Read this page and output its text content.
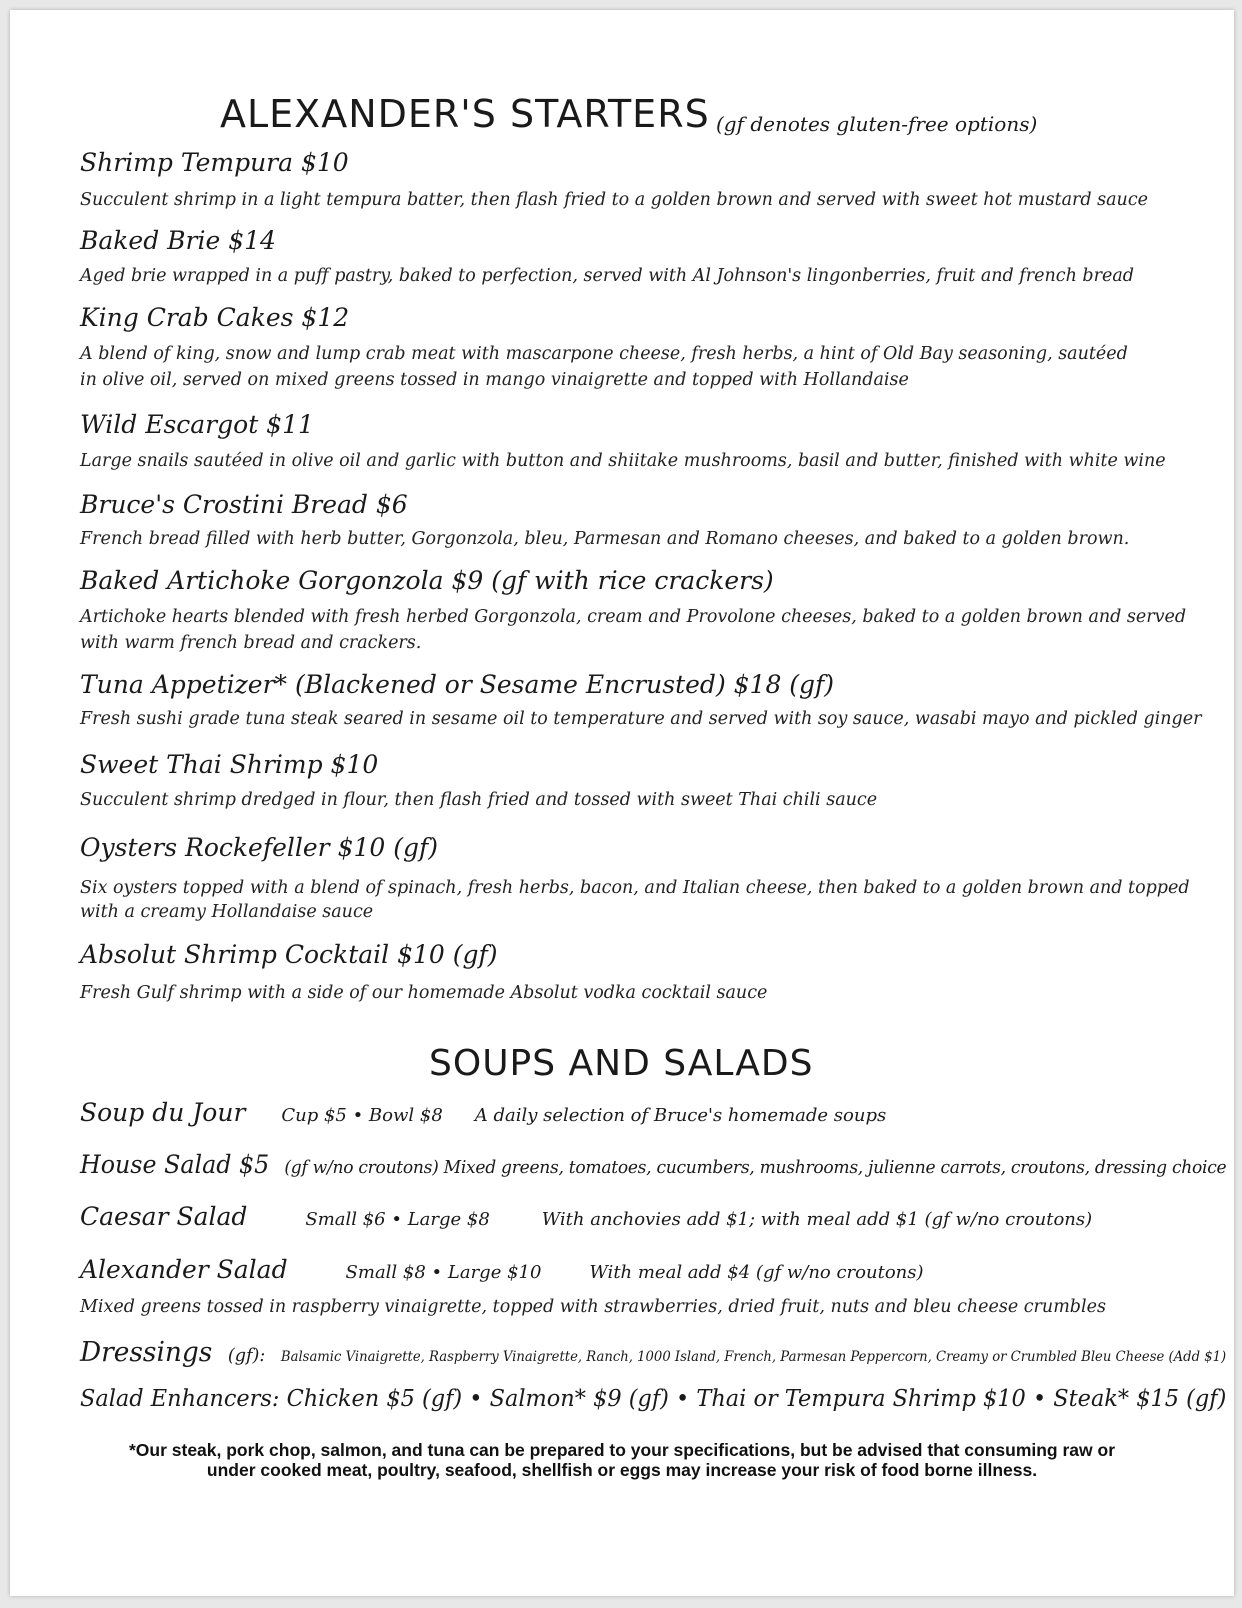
ALEXANDER'S STARTERS (gf denotes gluten-free options)
Shrimp Tempura $10
Succulent shrimp in a light tempura batter, then flash fried to a golden brown and served with sweet hot mustard sauce
Baked Brie $14
Aged brie wrapped in a puff pastry, baked to perfection, served with Al Johnson's lingonberries, fruit and french bread
King Crab Cakes $12
A blend of king, snow and lump crab meat with mascarpone cheese, fresh herbs, a hint of Old Bay seasoning, sautéed
in olive oil, served on mixed greens tossed in mango vinaigrette and topped with Hollandaise
Wild Escargot $11
Large snails sautéed in olive oil and garlic with button and shiitake mushrooms, basil and butter, finished with white wine
Bruce's Crostini Bread $6
French bread filled with herb butter, Gorgonzola, bleu, Parmesan and Romano cheeses, and baked to a golden brown.
Baked Artichoke Gorgonzola $9 (gf with rice crackers)
Artichoke hearts blended with fresh herbed Gorgonzola, cream and Provolone cheeses, baked to a golden brown and served
with warm french bread and crackers.
Tuna Appetizer* (Blackened or Sesame Encrusted) $18 (gf)
Fresh sushi grade tuna steak seared in sesame oil to temperature and served with soy sauce, wasabi mayo and pickled ginger
Sweet Thai Shrimp $10
Succulent shrimp dredged in flour, then flash fried and tossed with sweet Thai chili sauce
Oysters Rockefeller $10 (gf)
Six oysters topped with a blend of spinach, fresh herbs, bacon, and Italian cheese, then baked to a golden brown and topped
with a creamy Hollandaise sauce
Absolut Shrimp Cocktail $10 (gf)
Fresh Gulf shrimp with a side of our homemade Absolut vodka cocktail sauce
SOUPS AND SALADS
Soup du Jour Cup $5 • Bowl $8 A daily selection of Bruce's homemade soups
House Salad $5 (gf w/no croutons) Mixed greens, tomatoes, cucumbers, mushrooms, julienne carrots, croutons, dressing choice
Caesar Salad	Small $6 • Large $8	With anchovies add $1; with meal add $1 (gf w/no croutons)
Alexander Salad	Small $8 • Large $10	With meal add $4 (gf w/no croutons)
Mixed greens tossed in raspberry vinaigrette, topped with strawberries, dried fruit, nuts and bleu cheese crumbles
Dressings (gf): Balsamic Vinaigrette, Raspberry Vinaigrette, Ranch, 1000 Island, French, Parmesan Peppercorn, Creamy or Crumbled Bleu Cheese (Add $1)
Salad Enhancers: Chicken $5 (gf) • Salmon* $9 (gf) • Thai or Tempura Shrimp $10 • Steak* $15 (gf)
*Our steak, pork chop, salmon, and tuna can be prepared to your specifications, but be advised that consuming raw or
under cooked meat, poultry, seafood, shellfish or eggs may increase your risk of food borne illness.
